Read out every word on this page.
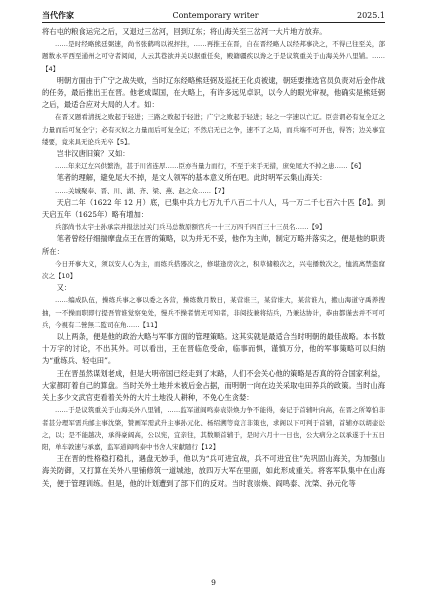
当代作家	Contemporary writer	2025.1

将右屯的粮食运完之后，又退过三岔河，回到辽东；将山海关至三岔河一大片地方放弃。

……是时经略熊廷弼速，尚书张鹤鸣以祝抨拄，……再推王在晋，自在晋经略人以经邦事决之，不得已往至关，部题数永平西至通州之可守者阅闻，人云其巷欲并关以据重任矣，殿籍疆疾以谗之于是议筑重关于山海关外八里铺。……【4】

明朝方面由于广宁之战失败，当时辽东经略熊廷弼及巡抚王化贞被逮，朝廷要推选官员负责对后金作战的任务，最后推出王在晋。他老成谋国，在大略上，有许多远见卓识，以今人的眼光审视，他确实是熊廷弼之后，最适合应对大局的人才。如：

在晋又题看清抚之败起于轻进；三路之败起于轻进；广宁之败起于轻进；轻之一字速以亡辽。臣尝谓必有复全辽之力量而后可复全宁；必有灭奴之力量而后可复全辽；不然启无已之争，速不了之局，而兵端不可开也，得答；边关事宜缕要，竟来具无论兵无卒【5】。

岂非汉唐旧策？又如：

……年来辽左兴供繁浩，甚于川省连厚……臣亦当量力而行，不至于来手无措，庶免尾大不掉之患……【6】

笔者的理解，避免尾大不掉，是文人领军的基本意义所在吧。此时明军云集山海关：

……关城聚奉、晋、川、湖、齐、梁、燕、赵之众……【7】

天启二年（1622 年 12 月）底，已集中兵力七万九千八百二十八人，马一万二千七百六十匹【8】。到天启五年（1625年）略有增加：

兵部尚书太宇士孙承宗并报法过关门兵马总数原额官兵一十三万四千四百三十三员名……【9】

笔者曾经仔细揣摩盘点王在晋的策略，以为并无不妥，他作为主帅，制定万略并落实之，便是他的职责所在：

今日开事大义，须以安人心为主，而练兵搭器次之，修堪逢房次之，积草储粮次之，兴屯播数次之，恤流离禁盗窟次之【10】

又：

……编成队伍，操练兵事之事以委之各营，操练数月数日，某营谁三，某营谁大，某营谁九，搬山海道守禹养搜抽，一不操而职即行提吾管谁觉察免处，慢兵不操者情无可知者，非阅技兼将结兵，乃兼达协计，恭由都谨去并不可可兵，今視有二營無二監司在角……【11】

以上两条，便是他的政治大略与军事方面的管理策略。这其实就是最适合当时明朝的最佳战略。本书数十万字的讨论，不出其外。可以看出，王在晋临危受命，临事而惧，谨慎万分，他的军事策略可以归纳为“重练兵、轻屯田”。

王在晋虽然谋划老成，但是大明帝国已经走到了末路，人们不会关心他的策略是否真的符合国家利益，大家都盯着自己的算盘。当时关外土地并未被后金占据，而明朝一向在边关采取屯田养兵的政策。当时山海关上多少文武官吏看着关外的大片土地没人耕种，不免心生贪婪：

……于是议筑重关于山海关外八里铺，……监军道阎鸣泰袁崇焕力争不能得，奏记于首辅叶向高，在晋之所筹怕非者甚分理军需兵邮主事沈棨，赞画军需武升主事孙元化、杨绍溯等竟言非策也，求阁以下可判于首辅，首辅亦以胡壶讼之，以；是不能越决，承得豪阔高，公以宪，宜亲往，其数顺首辅于，是时六月十一日也，公大病分之以承遂于十五日阳，单车敦速与承嘉，监军道阎鸣泰中书舍人宋献随行【12】

王在晋的性格稳打稳扎，遇盘无妙手，他以为“兵可进宜战，兵不可进宜住”先巩固山海关，为加强山海关防御，又打算在关外八里铺修筑一道城池，放四万大军在里面，如此形成重关。将客军队集中在山海关，便于管理训练。但是，他的计划遭到了部下们的反对。当时袁崇焕、阎鸣泰、沈棨、孙元化等

9
